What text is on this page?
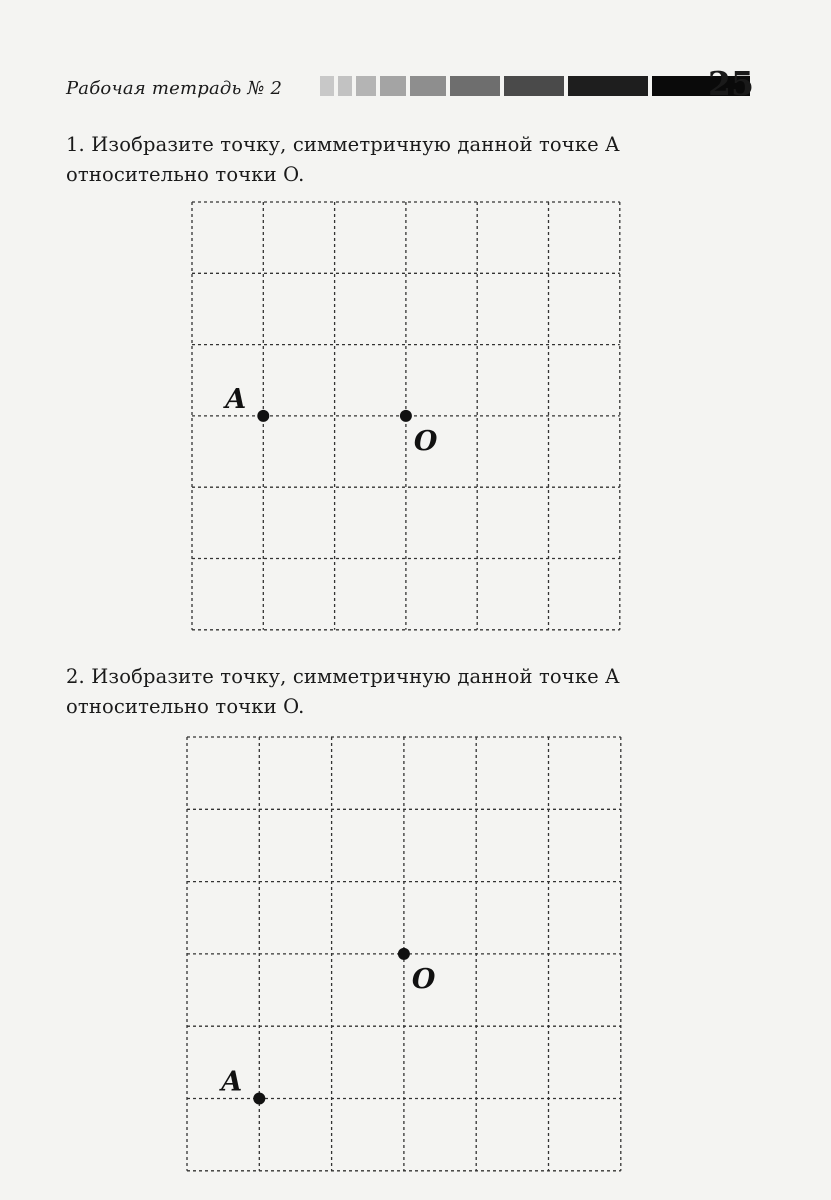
Рабочая тетрадь № 2	25
1. Изобразите точку, симметричную данной точке A
относительно точки O.
A
O
2. Изобразите точку, симметричную данной точке A
относительно точки O.
A
O
